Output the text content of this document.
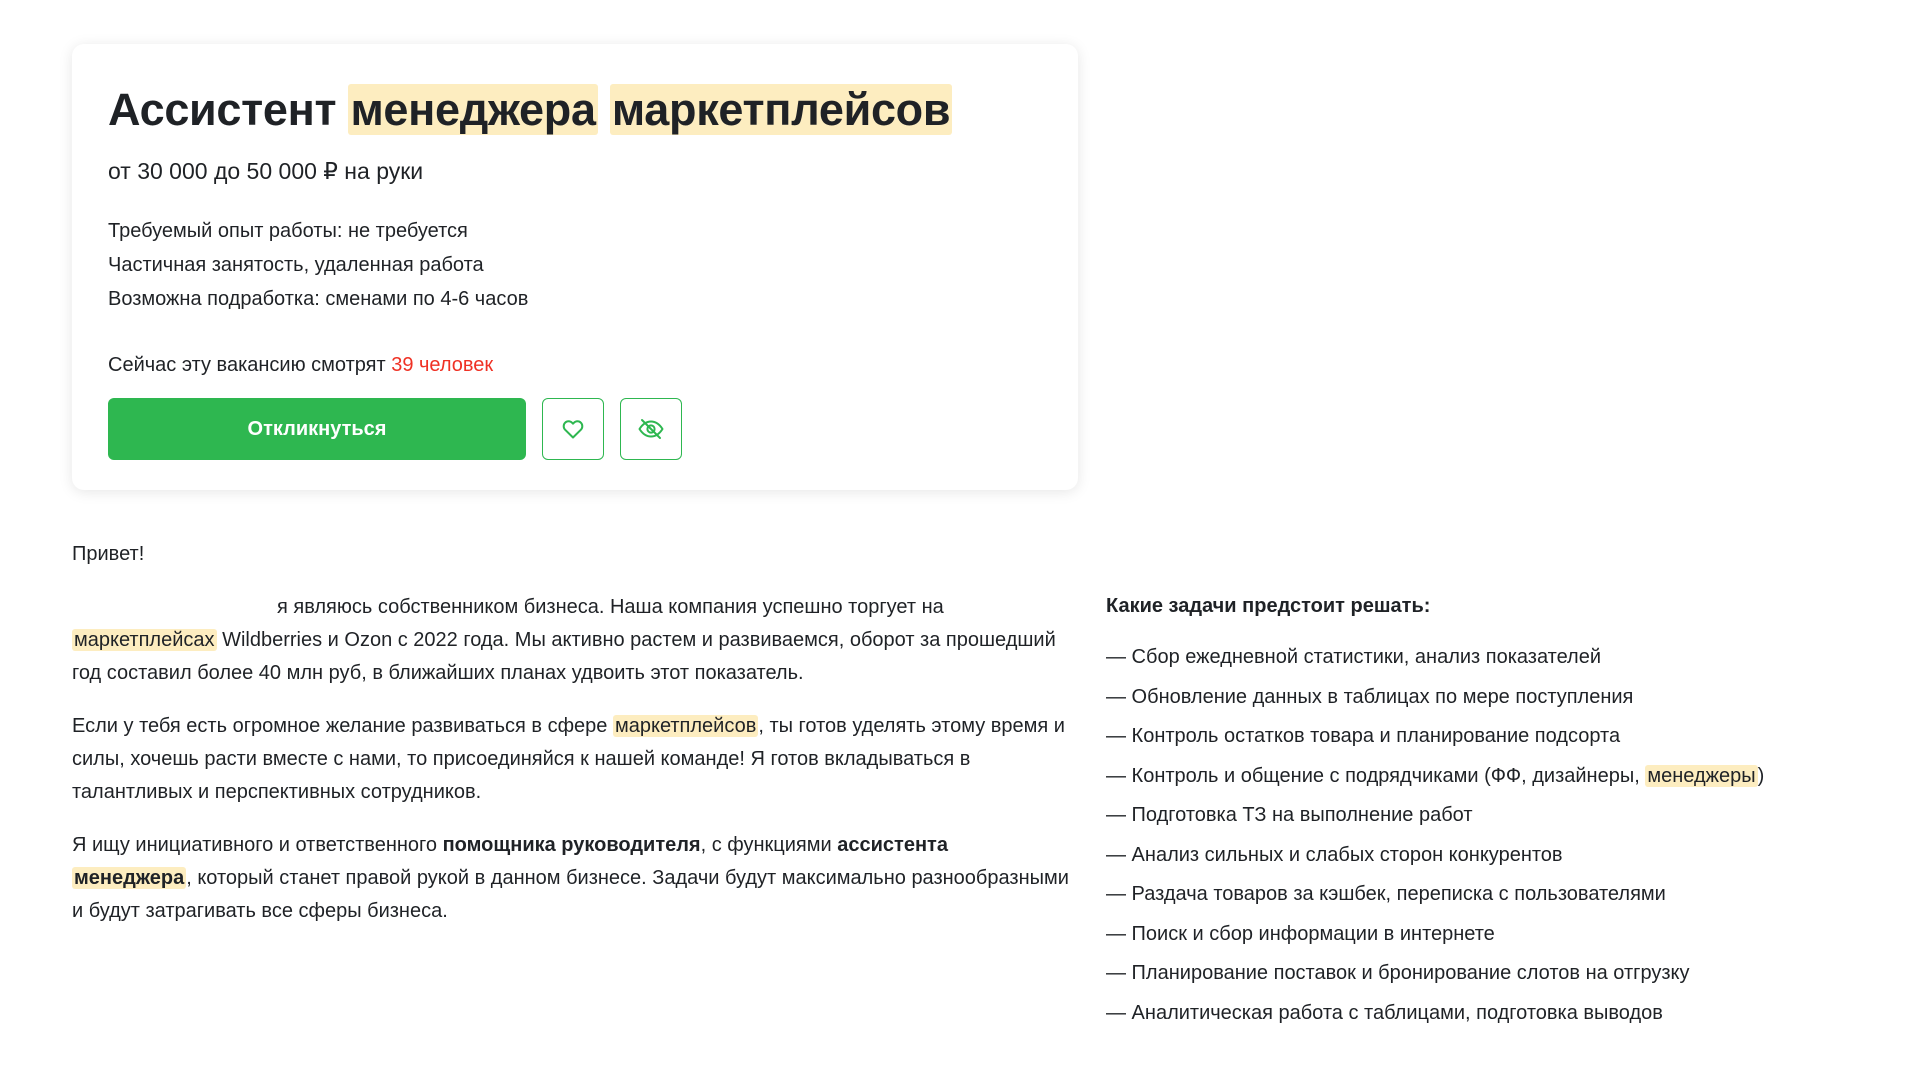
Ассистент менеджера маркетплейсов
от 30 000 до 50 000 ₽ на руки
Требуемый опыт работы: не требуется
Частичная занятость, удаленная работа
Возможна подработка: сменами по 4-6 часов
Сейчас эту вакансию смотрят 39 человек
Откликнуться

Привет!

я являюсь собственником бизнеса. Наша компания успешно торгует на маркетплейсах Wildberries и Ozon с 2022 года. Мы активно растем и развиваемся, оборот за прошедший год составил более 40 млн руб, в ближайших планах удвоить этот показатель.

Если у тебя есть огромное желание развиваться в сфере маркетплейсов , ты готов уделять этому время и силы, хочешь расти вместе с нами, то присоединяйся к нашей команде! Я готов вкладываться в талантливых и перспективных сотрудников.

Я ищу инициативного и ответственного помощника руководителя, с функциями ассистента менеджера , который станет правой рукой в данном бизнесе. Задачи будут максимально разнообразными и будут затрагивать все сферы бизнеса.

Какие задачи предстоит решать:
— Сбор ежедневной статистики, анализ показателей
— Обновление данных в таблицах по мере поступления
— Контроль остатков товара и планирование подсорта
— Контроль и общение с подрядчиками (ФФ, дизайнеры, менеджеры )
— Подготовка ТЗ на выполнение работ
— Анализ сильных и слабых сторон конкурентов
— Раздача товаров за кэшбек, переписка с пользователями
— Поиск и сбор информации в интернете
— Планирование поставок и бронирование слотов на отгрузку
— Аналитическая работа с таблицами, подготовка выводов
